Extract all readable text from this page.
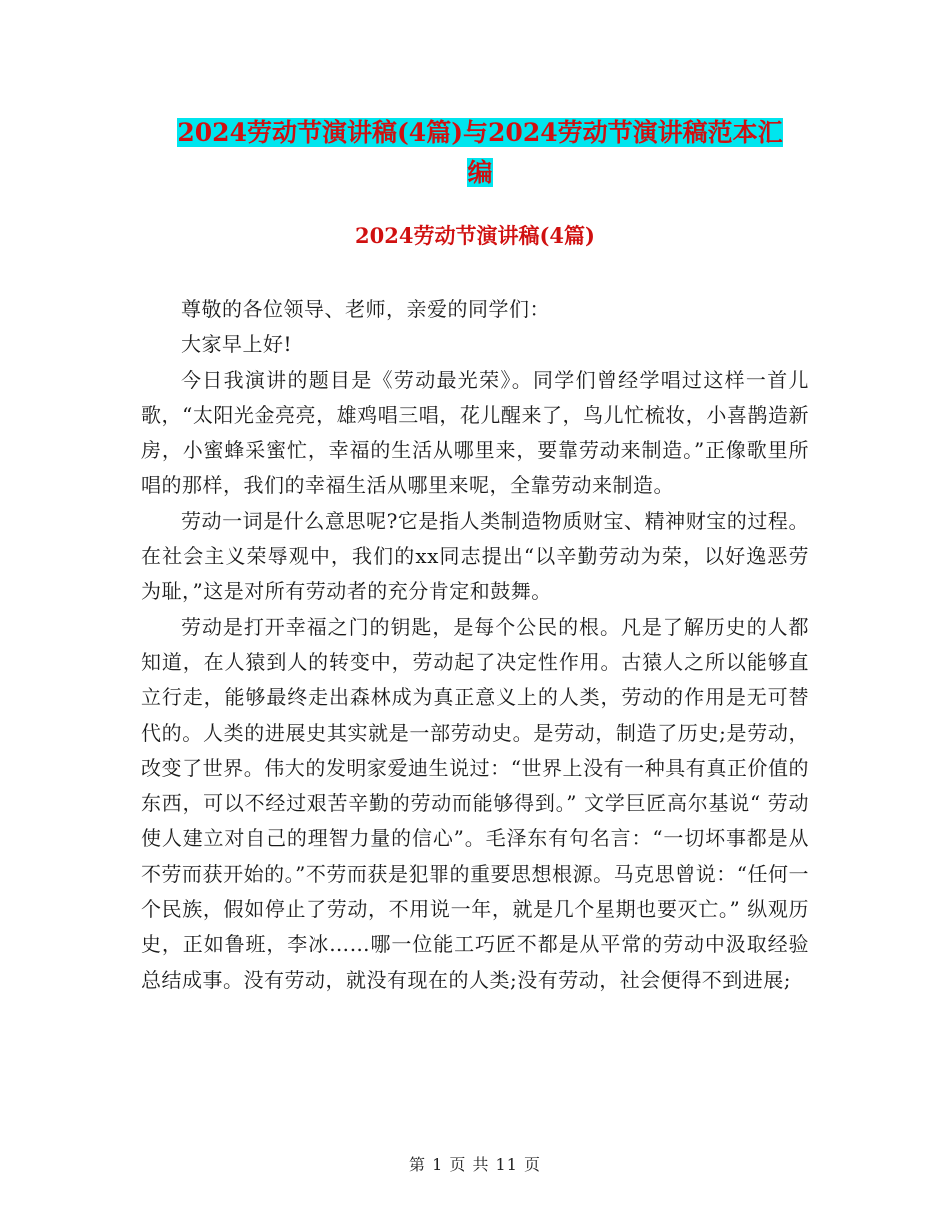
2024劳动节演讲稿(4篇)与2024劳动节演讲稿范本汇
编
2024劳动节演讲稿(4篇)

尊敬的各位领导、老师，亲爱的同学们：

大家早上好!

今日我演讲的题目是《劳动最光荣》。同学们曾经学唱过这样一首儿歌，“太阳光金亮亮，雄鸡唱三唱，花儿醒来了，鸟儿忙梳妆，小喜鹊造新房，小蜜蜂采蜜忙，幸福的生活从哪里来，要靠劳动来制造。”正像歌里所唱的那样，我们的幸福生活从哪里来呢，全靠劳动来制造。

劳动一词是什么意思呢?它是指人类制造物质财宝、精神财宝的过程。在社会主义荣辱观中，我们的xx同志提出“以辛勤劳动为荣，以好逸恶劳为耻，”这是对所有劳动者的充分肯定和鼓舞。

劳动是打开幸福之门的钥匙，是每个公民的根。凡是了解历史的人都知道，在人猿到人的转变中，劳动起了决定性作用。古猿人之所以能够直立行走，能够最终走出森林成为真正意义上的人类，劳动的作用是无可替代的。人类的进展史其实就是一部劳动史。是劳动，制造了历史;是劳动，改变了世界。伟大的发明家爱迪生说过：“世界上没有一种具有真正价值的东西，可以不经过艰苦辛勤的劳动而能够得到。” 文学巨匠高尔基说“ 劳动使人建立对自己的理智力量的信心”。毛泽东有句名言：“一切坏事都是从不劳而获开始的。”不劳而获是犯罪的重要思想根源。马克思曾说：“任何一个民族，假如停止了劳动，不用说一年，就是几个星期也要灭亡。” 纵观历史，正如鲁班，李冰……哪一位能工巧匠不都是从平常的劳动中汲取经验总结成事。没有劳动，就没有现在的人类;没有劳动，社会便得不到进展;

第 1 页 共 11 页
